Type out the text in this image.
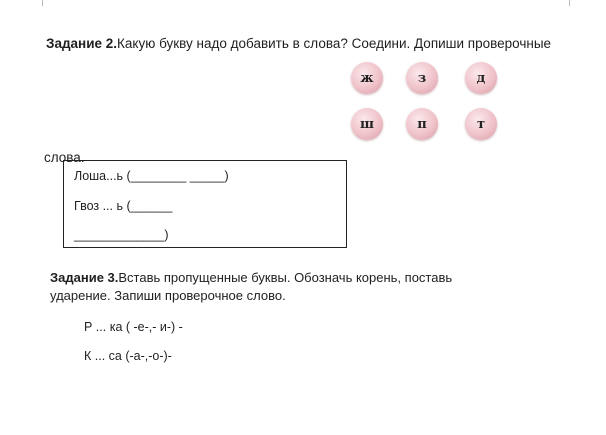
Задание 2.Какую букву надо добавить в слова? Соедини. Допиши проверочные
ж	з	д
ш	п	т
слова.
Лоша...ь (________ _____)
Гвоз ... ь (______
_____________)
Задание 3.Вставь пропущенные буквы. Обозначь корень, поставь
ударение. Запиши проверочное слово.
Р ... ка ( -е-,- и-) -
К ... са (-а-,-о-)-
